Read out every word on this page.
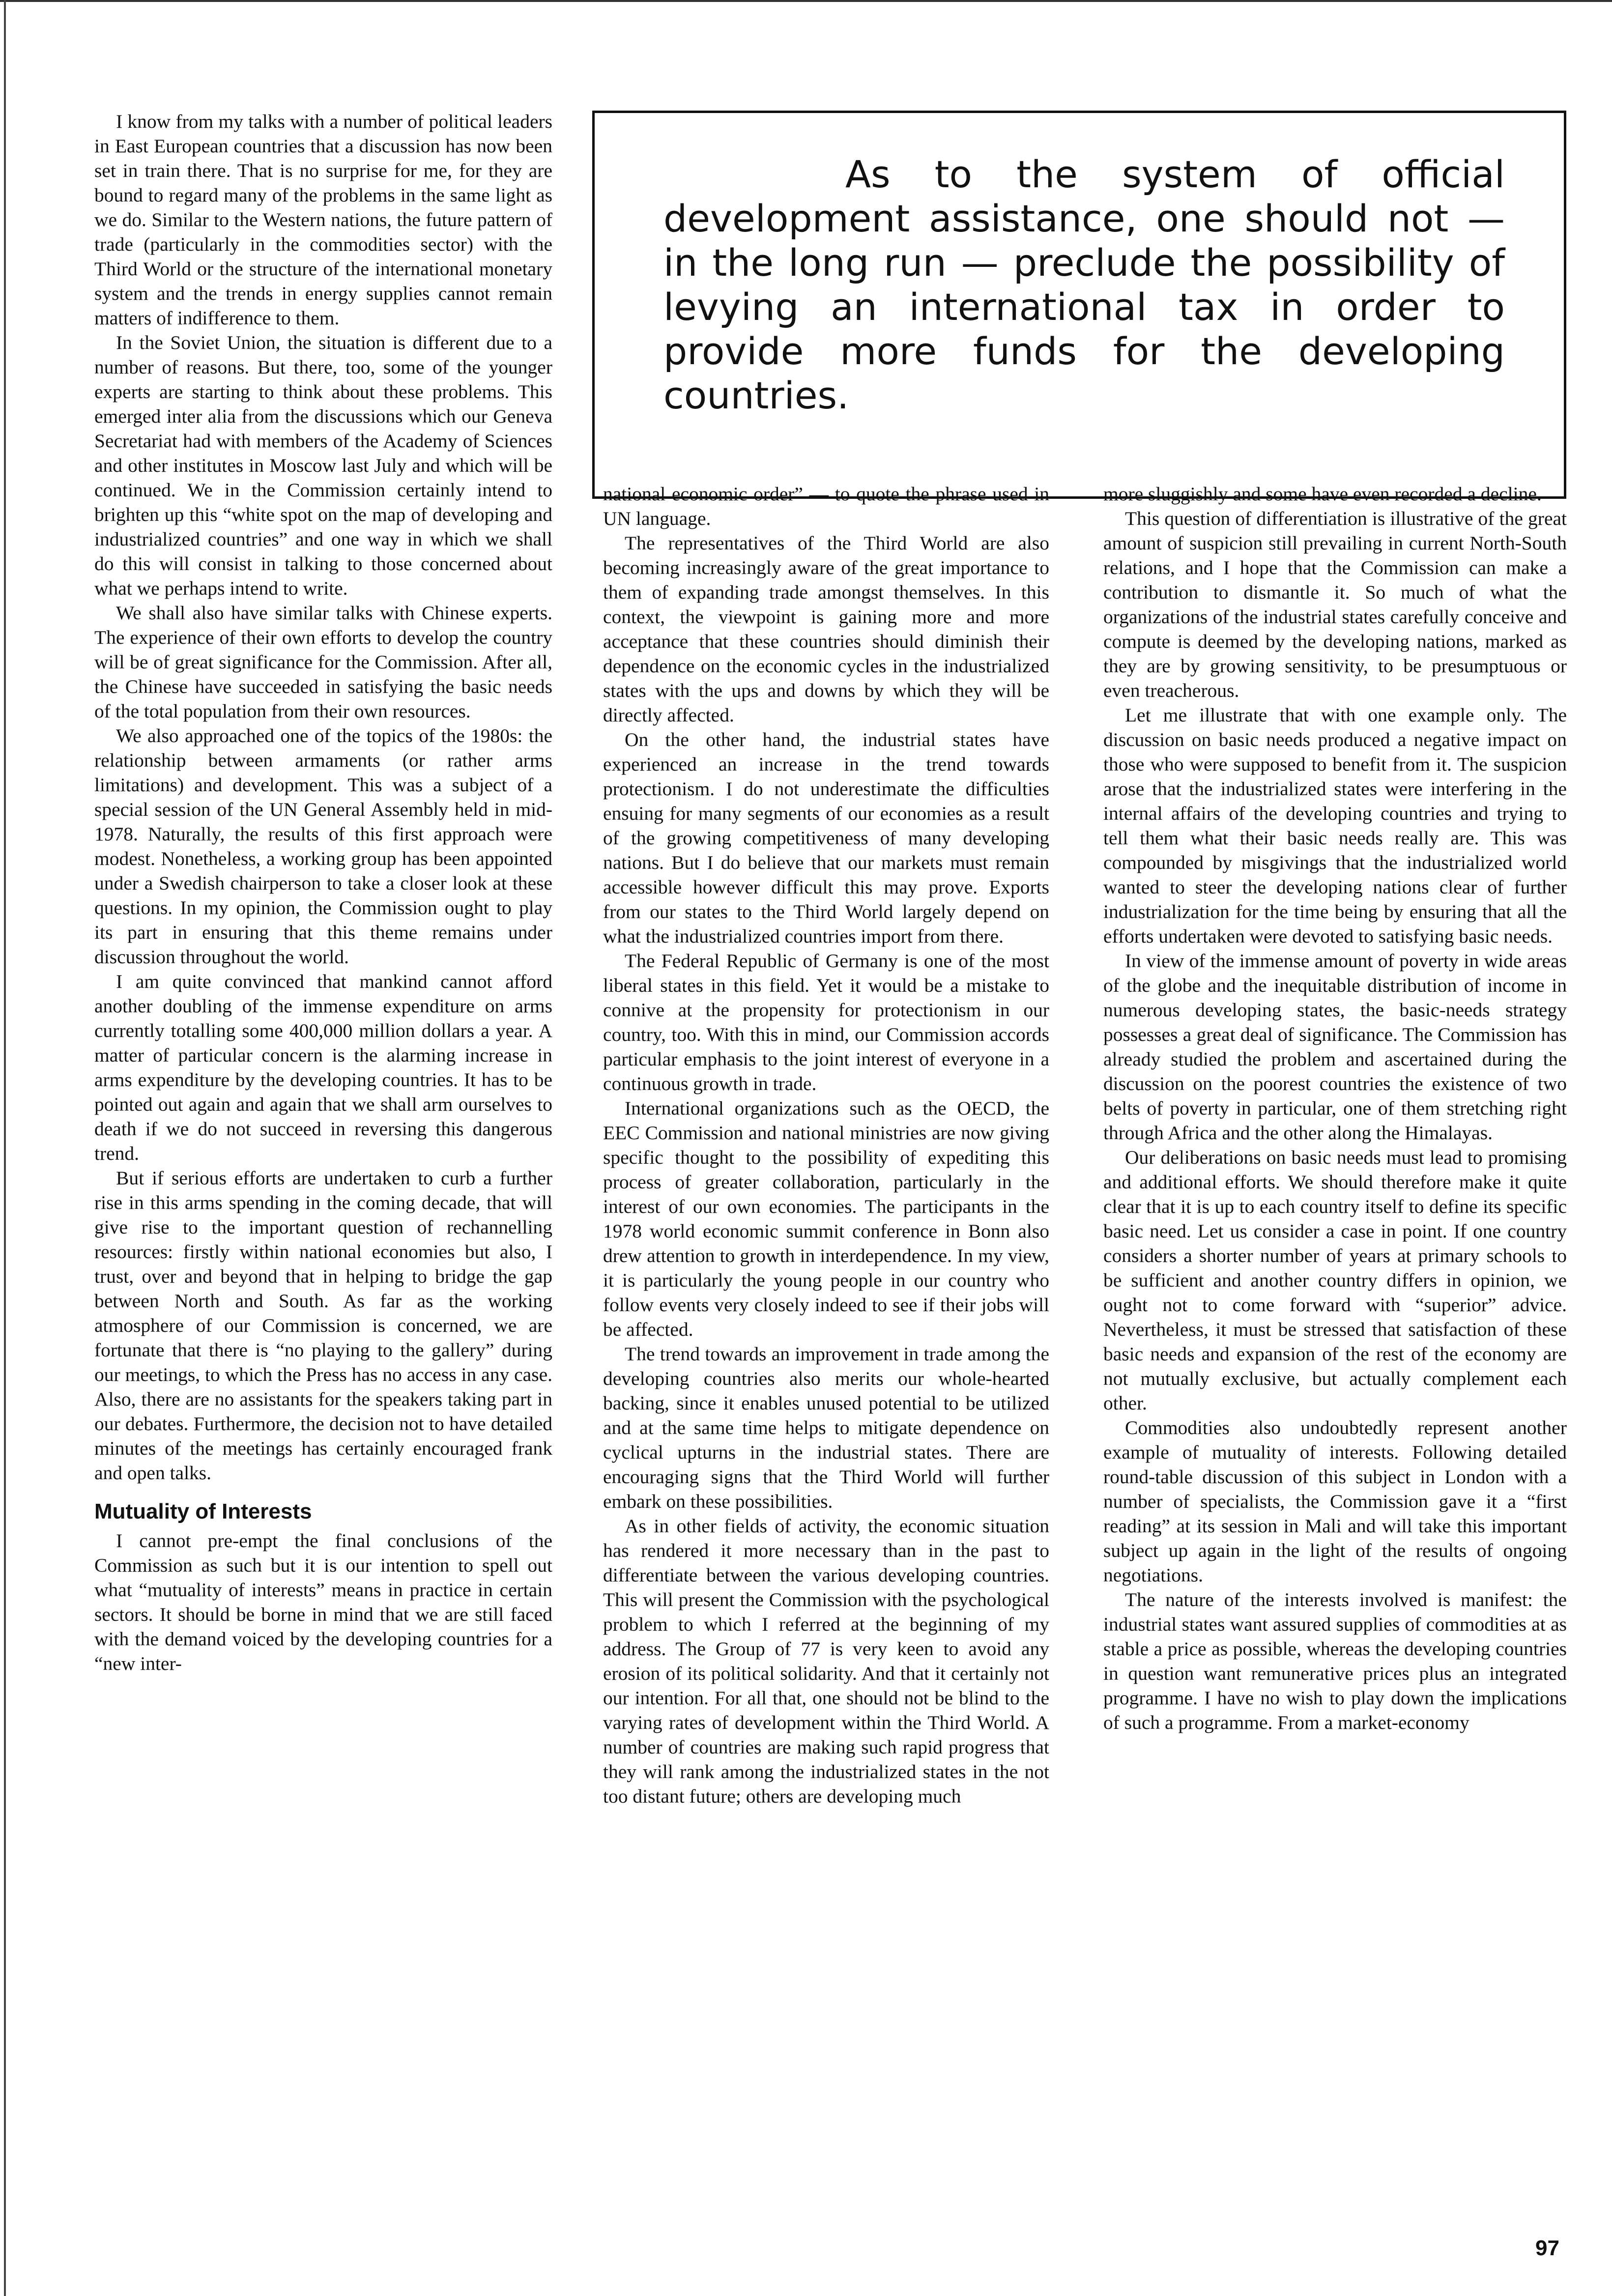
As to the system of official development assistance, one should not — in the long run — preclude the possibility of levying an international tax in order to provide more funds for the developing countries.

I know from my talks with a number of political leaders in East European countries that a discussion has now been set in train there. That is no surprise for me, for they are bound to regard many of the problems in the same light as we do. Similar to the Western nations, the future pattern of trade (particularly in the commodities sector) with the Third World or the structure of the international monetary system and the trends in energy supplies cannot remain matters of indifference to them.

In the Soviet Union, the situation is different due to a number of reasons. But there, too, some of the younger experts are starting to think about these problems. This emerged inter alia from the discussions which our Geneva Secretariat had with members of the Academy of Sciences and other institutes in Moscow last July and which will be continued. We in the Commission certainly intend to brighten up this “white spot on the map of developing and industrialized countries” and one way in which we shall do this will consist in talking to those concerned about what we perhaps intend to write.

We shall also have similar talks with Chinese experts. The experience of their own efforts to develop the country will be of great significance for the Commission. After all, the Chinese have succeeded in satisfying the basic needs of the total population from their own resources.

We also approached one of the topics of the 1980s: the relationship between armaments (or rather arms limitations) and development. This was a subject of a special session of the UN General Assembly held in mid-1978. Naturally, the results of this first approach were modest. Nonetheless, a working group has been appointed under a Swedish chairperson to take a closer look at these questions. In my opinion, the Commission ought to play its part in ensuring that this theme remains under discussion throughout the world.

I am quite convinced that mankind cannot afford another doubling of the immense expenditure on arms currently totalling some 400,000 million dollars a year. A matter of particular concern is the alarming increase in arms expenditure by the developing countries. It has to be pointed out again and again that we shall arm ourselves to death if we do not succeed in reversing this dangerous trend.

But if serious efforts are undertaken to curb a further rise in this arms spending in the coming decade, that will give rise to the important question of rechannelling resources: firstly within national economies but also, I trust, over and beyond that in helping to bridge the gap between North and South. As far as the working atmosphere of our Commission is concerned, we are fortunate that there is “no playing to the gallery” during our meetings, to which the Press has no access in any case. Also, there are no assistants for the speakers taking part in our debates. Furthermore, the decision not to have detailed minutes of the meetings has certainly encouraged frank and open talks.

Mutuality of Interests

I cannot pre-empt the final conclusions of the Commission as such but it is our intention to spell out what “mutuality of interests” means in practice in certain sectors. It should be borne in mind that we are still faced with the demand voiced by the developing countries for a “new inter-

national economic order” — to quote the phrase used in UN language.

The representatives of the Third World are also becoming increasingly aware of the great importance to them of expanding trade amongst themselves. In this context, the viewpoint is gaining more and more acceptance that these countries should diminish their dependence on the economic cycles in the industrialized states with the ups and downs by which they will be directly affected.

On the other hand, the industrial states have experienced an increase in the trend towards protectionism. I do not underestimate the difficulties ensuing for many segments of our economies as a result of the growing competitiveness of many developing nations. But I do believe that our markets must remain accessible however difficult this may prove. Exports from our states to the Third World largely depend on what the industrialized countries import from there.

The Federal Republic of Germany is one of the most liberal states in this field. Yet it would be a mistake to connive at the propensity for protectionism in our country, too. With this in mind, our Commission accords particular emphasis to the joint interest of everyone in a continuous growth in trade.

International organizations such as the OECD, the EEC Commission and national ministries are now giving specific thought to the possibility of expediting this process of greater collaboration, particularly in the interest of our own economies. The participants in the 1978 world economic summit conference in Bonn also drew attention to growth in interdependence. In my view, it is particularly the young people in our country who follow events very closely indeed to see if their jobs will be affected.

The trend towards an improvement in trade among the developing countries also merits our whole-hearted backing, since it enables unused potential to be utilized and at the same time helps to mitigate dependence on cyclical upturns in the industrial states. There are encouraging signs that the Third World will further embark on these possibilities.

As in other fields of activity, the economic situation has rendered it more necessary than in the past to differentiate between the various developing countries. This will present the Commission with the psychological problem to which I referred at the beginning of my address. The Group of 77 is very keen to avoid any erosion of its political solidarity. And that it certainly not our intention. For all that, one should not be blind to the varying rates of development within the Third World. A number of countries are making such rapid progress that they will rank among the industrialized states in the not too distant future; others are developing much

more sluggishly and some have even recorded a decline.

This question of differentiation is illustrative of the great amount of suspicion still prevailing in current North-South relations, and I hope that the Commission can make a contribution to dismantle it. So much of what the organizations of the industrial states carefully conceive and compute is deemed by the developing nations, marked as they are by growing sensitivity, to be presumptuous or even treacherous.

Let me illustrate that with one example only. The discussion on basic needs produced a negative impact on those who were supposed to benefit from it. The suspicion arose that the industrialized states were interfering in the internal affairs of the developing countries and trying to tell them what their basic needs really are. This was compounded by misgivings that the industrialized world wanted to steer the developing nations clear of further industrialization for the time being by ensuring that all the efforts undertaken were devoted to satisfying basic needs.

In view of the immense amount of poverty in wide areas of the globe and the inequitable distribution of income in numerous developing states, the basic-needs strategy possesses a great deal of significance. The Commission has already studied the problem and ascertained during the discussion on the poorest countries the existence of two belts of poverty in particular, one of them stretching right through Africa and the other along the Himalayas.

Our deliberations on basic needs must lead to promising and additional efforts. We should therefore make it quite clear that it is up to each country itself to define its specific basic need. Let us consider a case in point. If one country considers a shorter number of years at primary schools to be sufficient and another country differs in opinion, we ought not to come forward with “superior” advice. Nevertheless, it must be stressed that satisfaction of these basic needs and expansion of the rest of the economy are not mutually exclusive, but actually complement each other.

Commodities also undoubtedly represent another example of mutuality of interests. Following detailed round-table discussion of this subject in London with a number of specialists, the Commission gave it a “first reading” at its session in Mali and will take this important subject up again in the light of the results of ongoing negotiations.

The nature of the interests involved is manifest: the industrial states want assured supplies of commodities at as stable a price as possible, whereas the developing countries in question want remunerative prices plus an integrated programme. I have no wish to play down the implications of such a programme. From a market-economy

97
